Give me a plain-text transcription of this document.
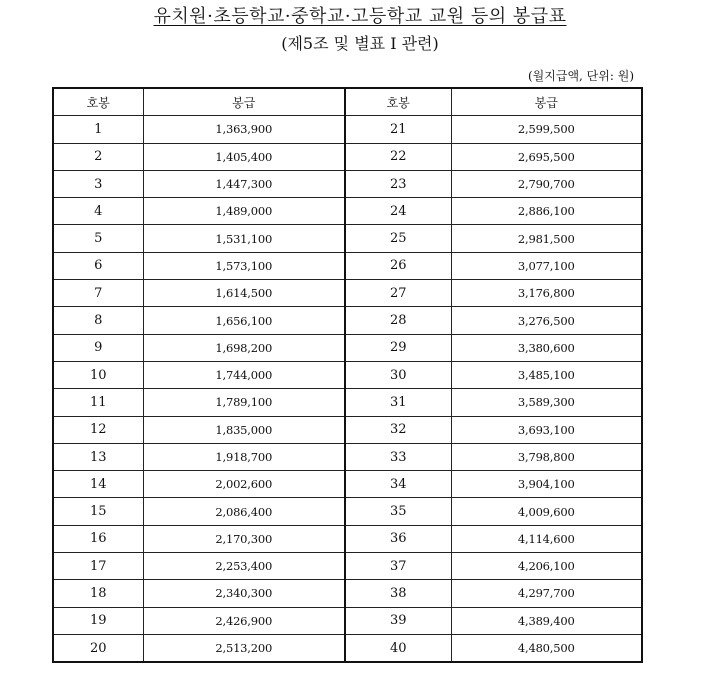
유치원·초등학교·중학교·고등학교 교원 등의 봉급표
(제5조 및 별표 I 관련)
(월지급액, 단위: 원)
호봉	봉급	호봉	봉급
1	1,363,900	21	2,599,500
2	1,405,400	22	2,695,500
3	1,447,300	23	2,790,700
4	1,489,000	24	2,886,100
5	1,531,100	25	2,981,500
6	1,573,100	26	3,077,100
7	1,614,500	27	3,176,800
8	1,656,100	28	3,276,500
9	1,698,200	29	3,380,600
10	1,744,000	30	3,485,100
11	1,789,100	31	3,589,300
12	1,835,000	32	3,693,100
13	1,918,700	33	3,798,800
14	2,002,600	34	3,904,100
15	2,086,400	35	4,009,600
16	2,170,300	36	4,114,600
17	2,253,400	37	4,206,100
18	2,340,300	38	4,297,700
19	2,426,900	39	4,389,400
20	2,513,200	40	4,480,500
